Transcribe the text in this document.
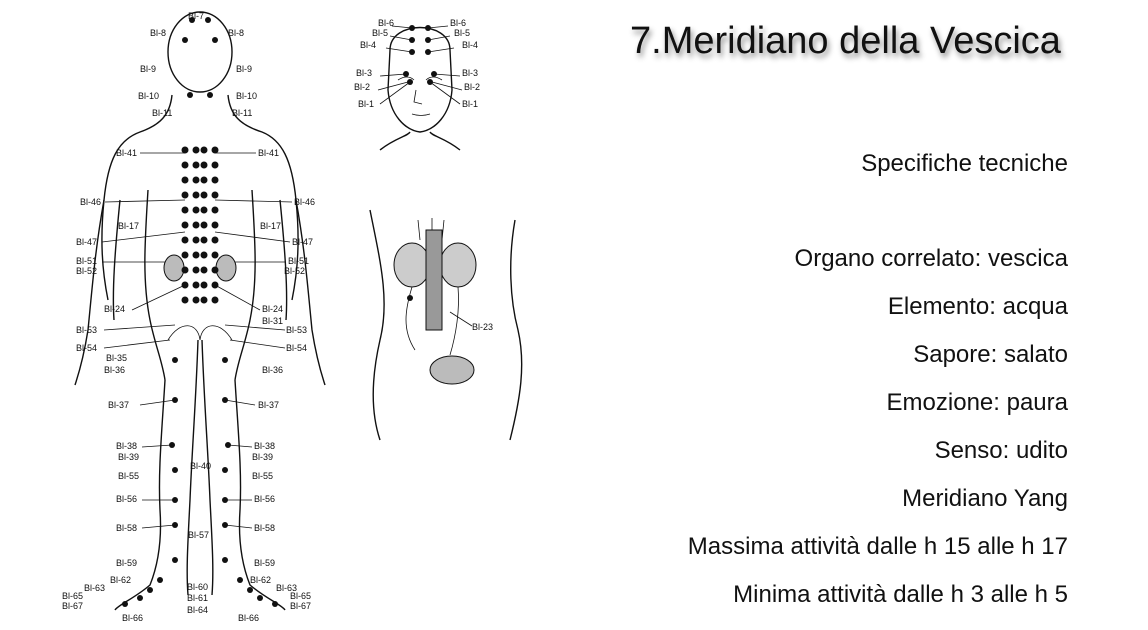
7.Meridiano della Vescica
Specifiche tecniche
Organo correlato: vescica
Elemento: acqua
Sapore: salato
Emozione: paura
Senso: udito
Meridiano Yang
Massima attività dalle h 15 alle h 17
Minima attività dalle h 3 alle h 5
Bl-7
Bl-8	Bl-8
Bl-9	Bl-9
Bl-10	Bl-10
Bl-11	Bl-11
Bl-41	Bl-41
Bl-46	Bl-46
Bl-17	Bl-17
Bl-47	Bl-47
Bl-51	Bl-51
Bl-52	Bl-52
Bl-24	Bl-24
Bl-31
Bl-53	Bl-53
Bl-54	Bl-54
Bl-35
Bl-36	Bl-36
Bl-37	Bl-37
Bl-38	Bl-38
Bl-39	Bl-39
Bl-40
Bl-55	Bl-55
Bl-56	Bl-56
Bl-58	Bl-58
Bl-57
Bl-59	Bl-59
Bl-62	Bl-62
Bl-63	Bl-63
Bl-60
Bl-61
Bl-65	Bl-65
Bl-67	Bl-67
Bl-64
Bl-66	Bl-66
Bl-6	Bl-6
Bl-5	Bl-5
Bl-4	Bl-4
Bl-3	Bl-3
Bl-2	Bl-2
Bl-1	Bl-1
Bl-23
